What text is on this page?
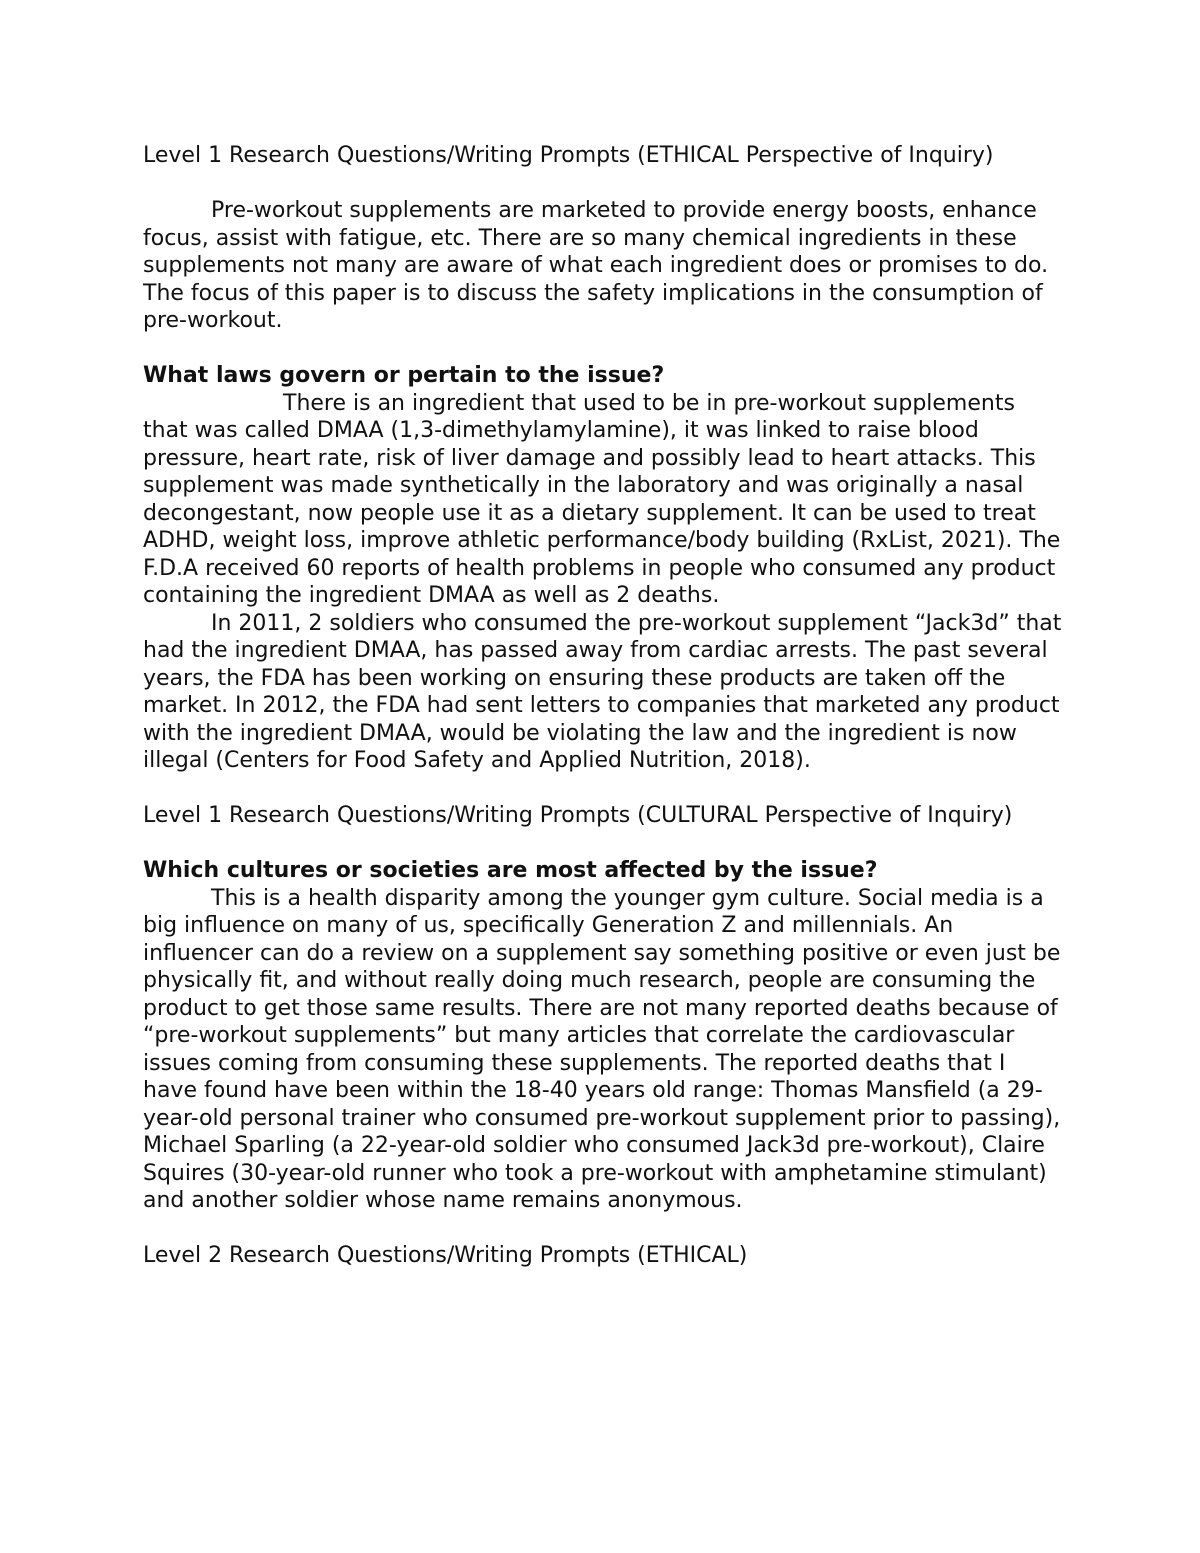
Level 1 Research Questions/Writing Prompts (ETHICAL Perspective of Inquiry)

Pre-workout supplements are marketed to provide energy boosts, enhance focus, assist with fatigue, etc. There are so many chemical ingredients in these supplements not many are aware of what each ingredient does or promises to do. The focus of this paper is to discuss the safety implications in the consumption of pre-workout.

What laws govern or pertain to the issue?

There is an ingredient that used to be in pre-workout supplements that was called DMAA (1,3-dimethylamylamine), it was linked to raise blood pressure, heart rate, risk of liver damage and possibly lead to heart attacks. This supplement was made synthetically in the laboratory and was originally a nasal decongestant, now people use it as a dietary supplement. It can be used to treat ADHD, weight loss, improve athletic performance/body building (RxList, 2021). The F.D.A received 60 reports of health problems in people who consumed any product containing the ingredient DMAA as well as 2 deaths.

In 2011, 2 soldiers who consumed the pre-workout supplement “Jack3d” that had the ingredient DMAA, has passed away from cardiac arrests. The past several years, the FDA has been working on ensuring these products are taken off the market. In 2012, the FDA had sent letters to companies that marketed any product with the ingredient DMAA, would be violating the law and the ingredient is now illegal (Centers for Food Safety and Applied Nutrition, 2018).

Level 1 Research Questions/Writing Prompts (CULTURAL Perspective of Inquiry)

Which cultures or societies are most affected by the issue?

This is a health disparity among the younger gym culture. Social media is a big influence on many of us, specifically Generation Z and millennials. An influencer can do a review on a supplement say something positive or even just be physically fit, and without really doing much research, people are consuming the product to get those same results. There are not many reported deaths because of “pre-workout supplements” but many articles that correlate the cardiovascular issues coming from consuming these supplements. The reported deaths that I have found have been within the 18-40 years old range: Thomas Mansfield (a 29-year-old personal trainer who consumed pre-workout supplement prior to passing), Michael Sparling (a 22-year-old soldier who consumed Jack3d pre-workout), Claire Squires (30-year-old runner who took a pre-workout with amphetamine stimulant) and another soldier whose name remains anonymous.

Level 2 Research Questions/Writing Prompts (ETHICAL)
